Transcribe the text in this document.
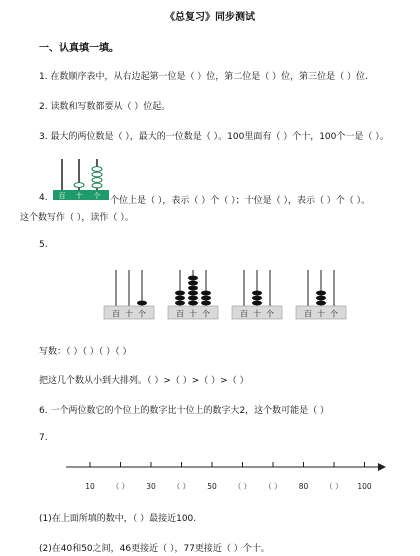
《总复习》同步测试
一、认真填一填。
1. 在数顺序表中，从右边起第一位是（ ）位，第二位是（ ）位，第三位是（ ）位.
2. 读数和写数都要从（ ）位起。
3. 最大的两位数是（ ），最大的一位数是（ ）。100里面有（ ）个十，100个一是（ ）。
4. 百 十 个 个位上是（ ），表示（ ）个（ ）；十位是（ ），表示（ ）个（ ）。
这个数写作（ ），读作（ ）。
5.
百 十 个	百 十 个	百 十 个	百 十 个
写数：（ ）（ ）（ ）（ ）
把这几个数从小到大排列。（ ）>（ ）>（ ）>（ ）
6. 一个两位数它的个位上的数字比十位上的数字大2，这个数可能是（ ）
7.
10 （ ） 30 （ ） 50 （ ） （ ） 80 （ ） 100
(1)在上面所填的数中，（ ）最接近100.
(2)在40和50之间，46更接近（ ），77更接近（ ）个十。
